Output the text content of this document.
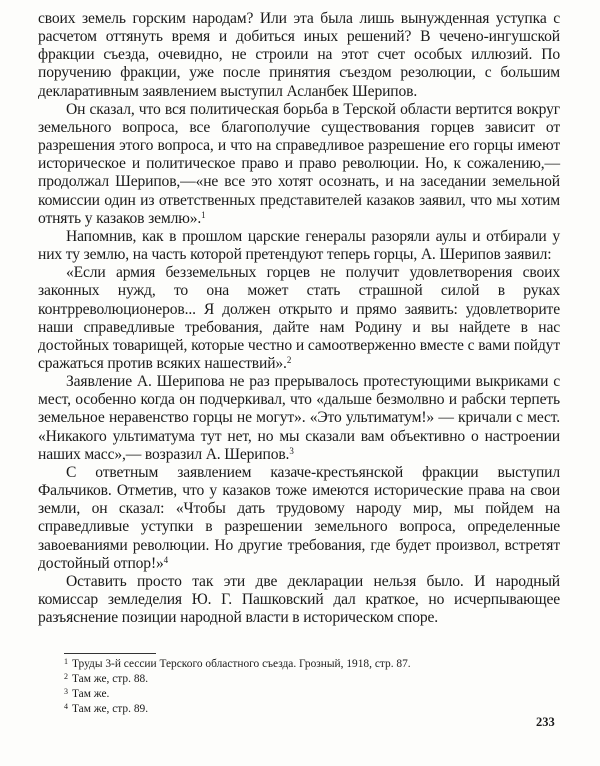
своих земель горским народам? Или эта была лишь вынужденная уступка с расчетом оттянуть время и добиться иных решений? В чечено-ингушской фракции съезда, очевидно, не строили на этот счет особых иллюзий. По поручению фракции, уже после принятия съездом резолюции, с большим декларативным заявлением выступил Асланбек Шерипов.

Он сказал, что вся политическая борьба в Терской области вертится вокруг земельного вопроса, все благополучие существования горцев зависит от разрешения этого вопроса, и что на справедливое разрешение его горцы имеют историческое и политическое право и право революции. Но, к сожалению,—продолжал Шерипов,—«не все это хотят осознать, и на заседании земельной комиссии один из ответственных представителей казаков заявил, что мы хотим отнять у казаков землю».$^1$

Напомнив, как в прошлом царские генералы разоряли аулы и отбирали у них ту землю, на часть которой претендуют теперь горцы, А. Шерипов заявил:

«Если армия безземельных горцев не получит удовлетворения своих законных нужд, то она может стать страшной силой в руках контрреволюционеров... Я должен открыто и прямо заявить: удовлетворите наши справедливые требования, дайте нам Родину и вы найдете в нас достойных товарищей, которые честно и самоотверженно вместе с вами пойдут сражаться против всяких нашествий».$^2$

Заявление А. Шерипова не раз прерывалось протестующими выкриками с мест, особенно когда он подчеркивал, что «дальше безмолвно и рабски терпеть земельное неравенство горцы не могут». «Это ультиматум!» — кричали с мест. «Никакого ультиматума тут нет, но мы сказали вам объективно о настроении наших масс»,— возразил А. Шерипов.$^3$

С ответным заявлением казаче-крестьянской фракции выступил Фальчиков. Отметив, что у казаков тоже имеются исторические права на свои земли, он сказал: «Чтобы дать трудовому народу мир, мы пойдем на справедливые уступки в разрешении земельного вопроса, определенные завоеваниями революции. Но другие требования, где будет произвол, встретят достойный отпор!»$^4$

Оставить просто так эти две декларации нельзя было. И народный комиссар земледелия Ю. Г. Пашковский дал краткое, но исчерпывающее разъяснение позиции народной власти в историческом споре.

$^1$ Труды 3-й сессии Терского областного съезда. Грозный, 1918, стр. 87.
$^2$ Там же, стр. 88.
$^3$ Там же.
$^4$ Там же, стр. 89.
233
